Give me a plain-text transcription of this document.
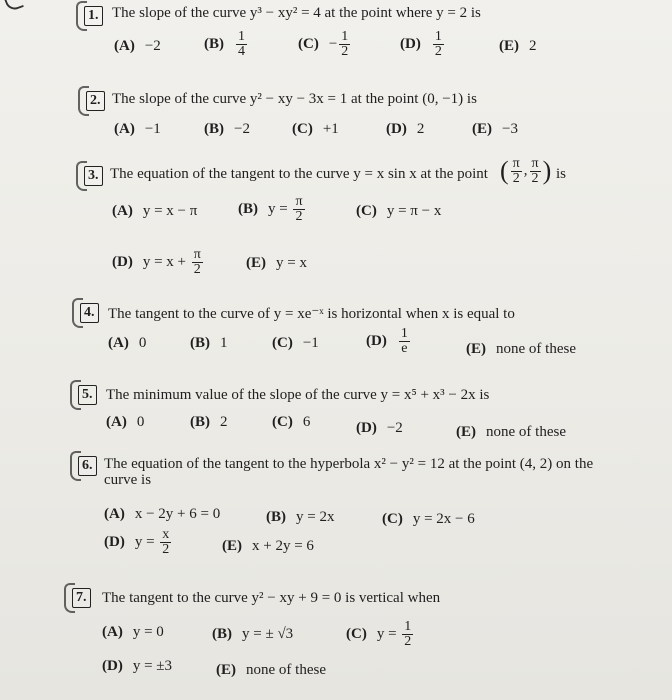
1. The slope of the curve y³ − xy² = 4 at the point where y = 2 is
(A) −2	$(B) \frac{1}{4}$	$(C) - \frac{1}{2}$	$(D) \frac{1}{2}$	(E) 2
2. The slope of the curve y² − xy − 3x = 1 at the point (0, −1) is
(A) −1	(B) −2	(C) +1	(D) 2	(E) −3
3. The equation of the tangent to the curve y = x sin x at the point ( $\frac{\pi}{2}$ , $\frac{\pi}{2}$ ) is
(A) y = x − π	(B) $y = \frac{\pi}{2}$	(C) y = π − x
(D) $y = x + \frac{\pi}{2}$	(E) y = x
4. The tangent to the curve of y = xe⁻ˣ is horizontal when x is equal to
(A) 0	(B) 1	(C) −1	$(D) \frac{1}{e}$	(E) none of these
5. The minimum value of the slope of the curve y = x⁵ + x³ − 2x is
(A) 0	(B) 2	(C) 6	(D) −2	(E) none of these
6. The equation of the tangent to the hyperbola x² − y² = 12 at the point (4, 2) on the
curve is
(A) x − 2y + 6 = 0	(B) y = 2x	(C) y = 2x − 6
(D) $y = \frac{x}{2}$	(E) x + 2y = 6
7. The tangent to the curve y² − xy + 9 = 0 is vertical when
(A) y = 0	(B) y = ± √3	(C) $y = \frac{1}{2}$
(D) y = ±3	(E) none of these
